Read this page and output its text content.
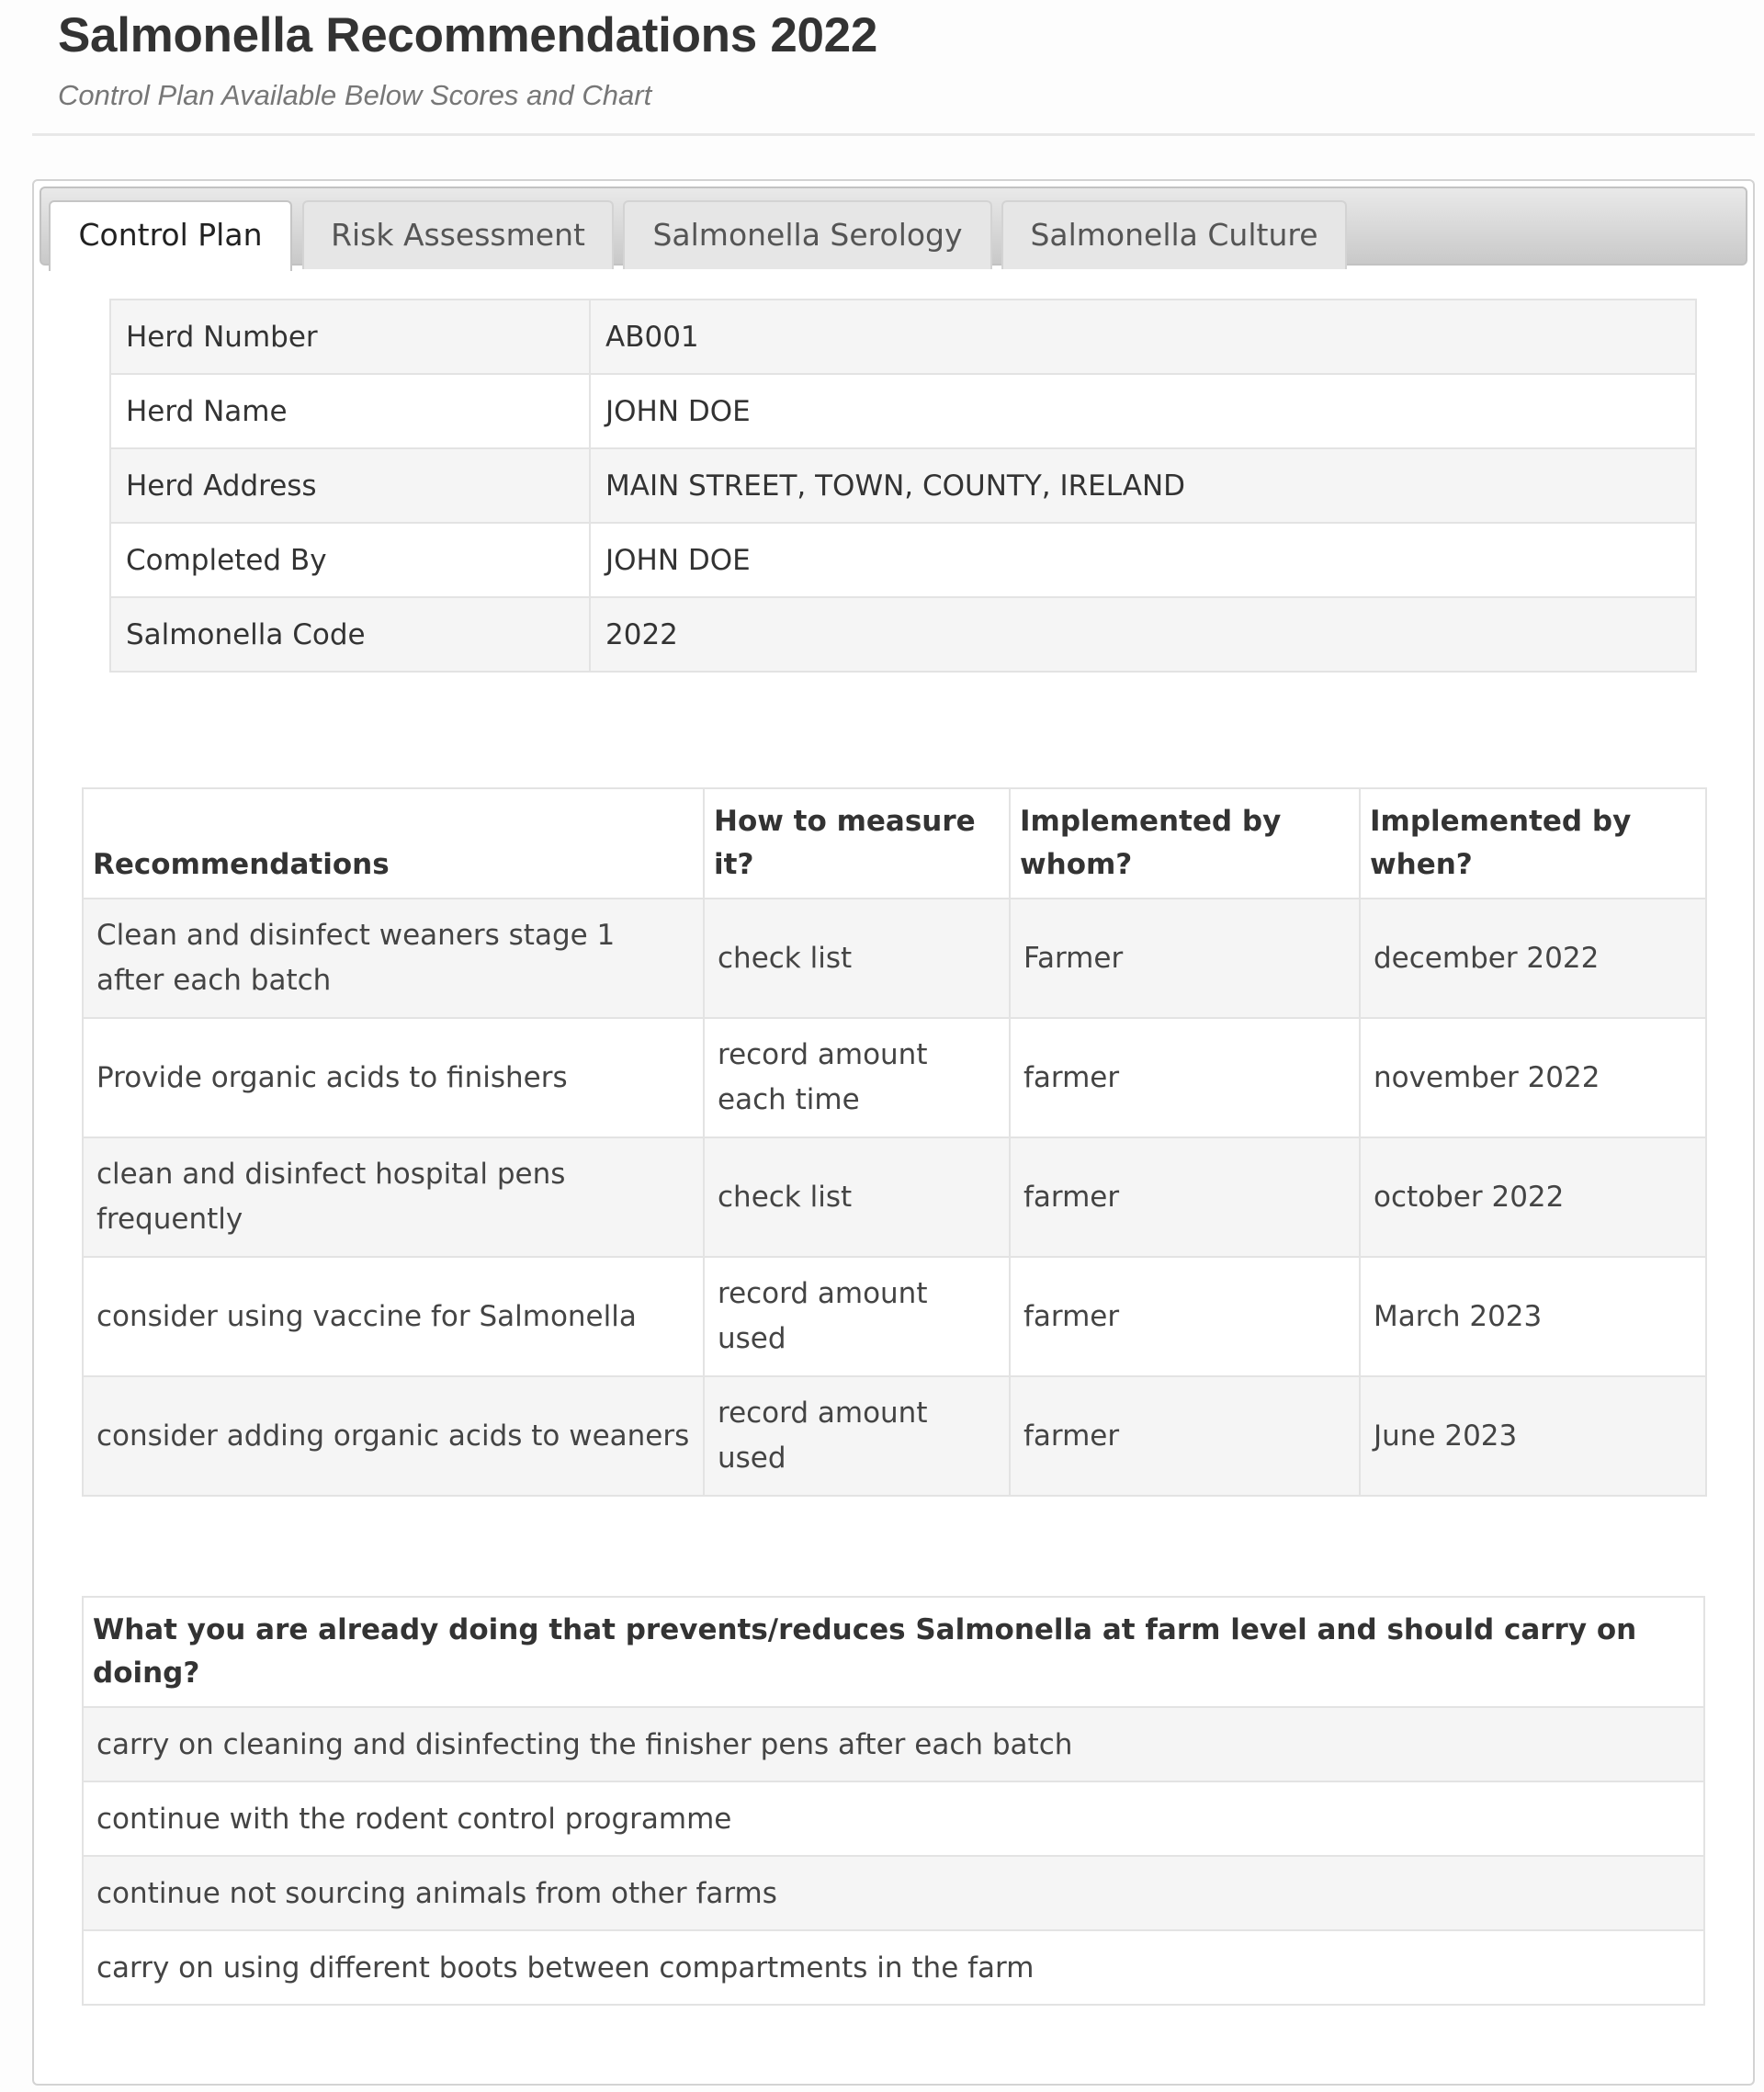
Salmonella Recommendations 2022

Control Plan Available Below Scores and Chart

Control Plan	Risk Assessment	Salmonella Serology	Salmonella Culture
Herd Number	AB001
Herd Name	JOHN DOE
Herd Address	MAIN STREET, TOWN, COUNTY, IRELAND
Completed By	JOHN DOE
Salmonella Code	2022
Recommendations	How to measure it?	Implemented by whom?	Implemented by when?
Clean and disinfect weaners stage 1 after each batch	check list	Farmer	december 2022
Provide organic acids to finishers	record amount each time	farmer	november 2022
clean and disinfect hospital pens frequently	check list	farmer	october 2022
consider using vaccine for Salmonella	record amount used	farmer	March 2023
consider adding organic acids to weaners	record amount used	farmer	June 2023
What you are already doing that prevents/reduces Salmonella at farm level and should carry on doing?
carry on cleaning and disinfecting the finisher pens after each batch
continue with the rodent control programme
continue not sourcing animals from other farms
carry on using different boots between compartments in the farm
